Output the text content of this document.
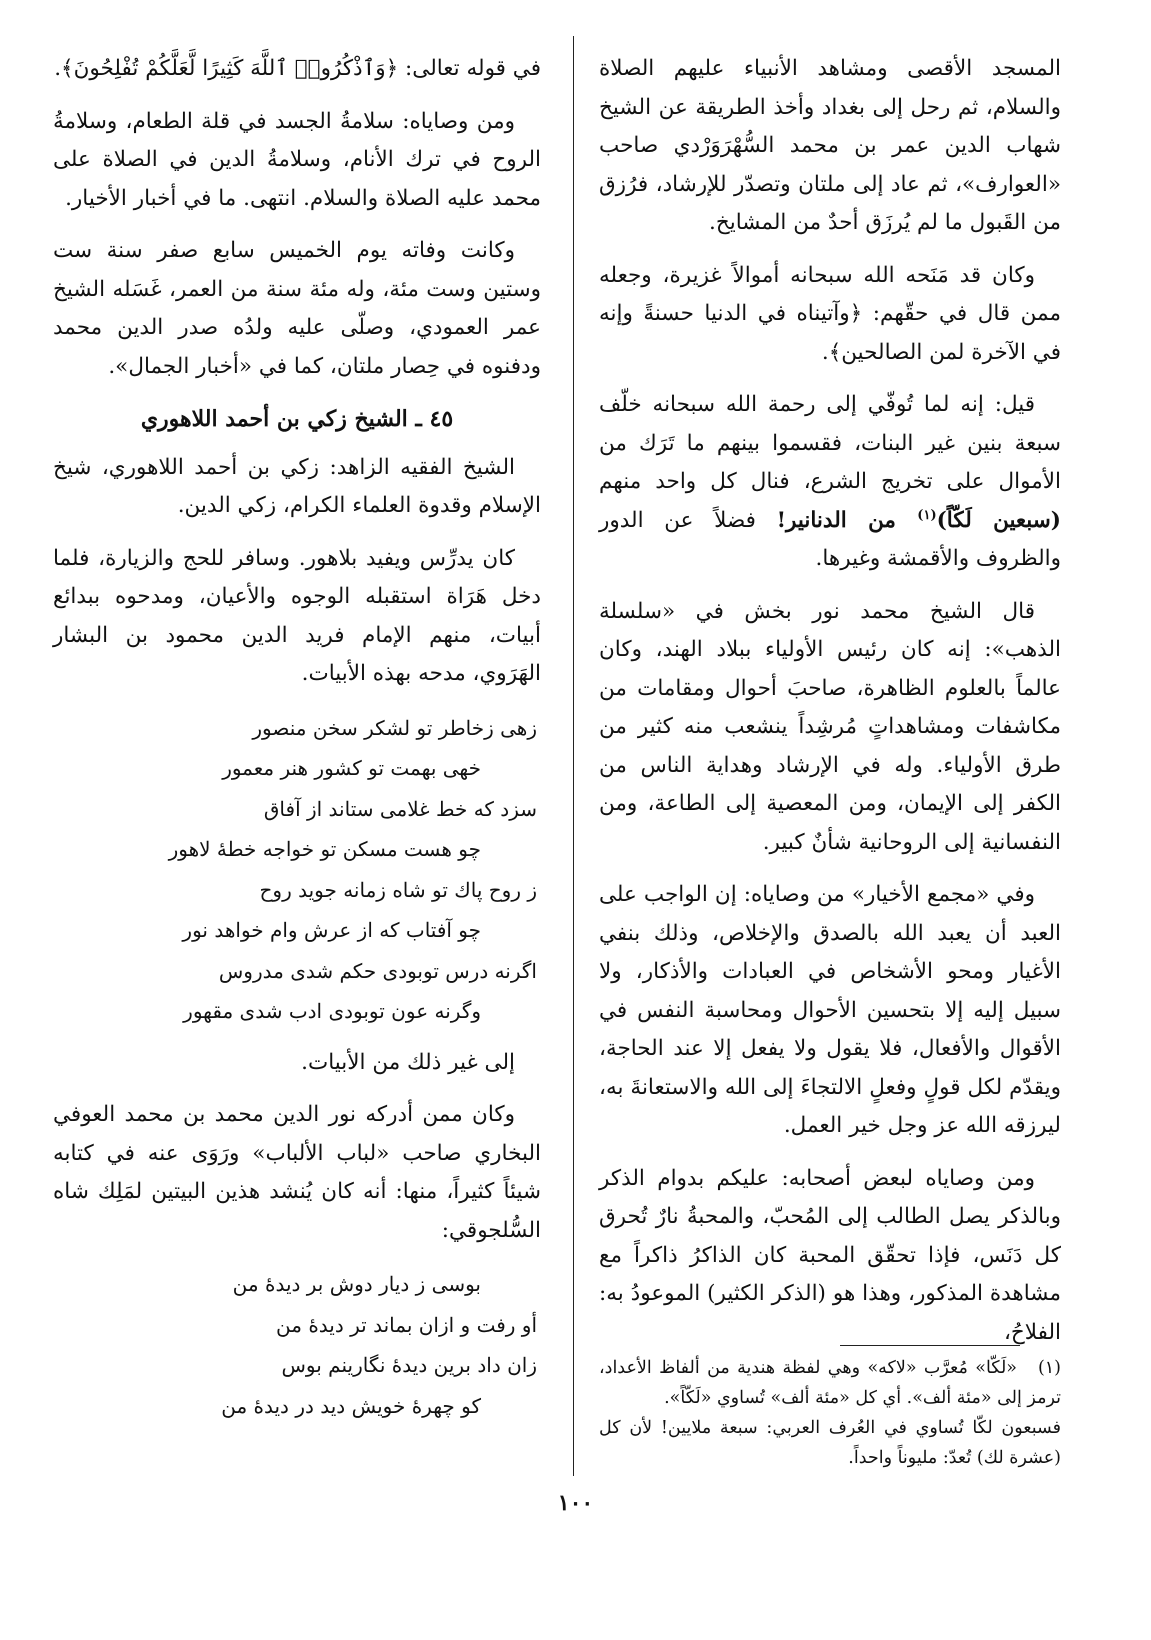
المسجد الأقصى ومشاهد الأنبياء عليهم الصلاة والسلام، ثم رحل إلى بغداد وأخذ الطريقة عن الشيخ شهاب الدين عمر بن محمد السُّهْرَوَرْدي صاحب «العوارف»، ثم عاد إلى ملتان وتصدّر للإرشاد، فرُزق من القَبول ما لم يُرزَق أحدٌ من المشايخ.

وكان قد مَنَحه الله سبحانه أموالاً غزيرة، وجعله ممن قال في حقّهم: ﴿وآتيناه في الدنيا حسنةً وإنه في الآخرة لمن الصالحين﴾.

قيل: إنه لما تُوفّي إلى رحمة الله سبحانه خلّف سبعة بنين غير البنات، فقسموا بينهم ما تَرَك من الأموال على تخريج الشرع، فنال كل واحد منهم (سبعين لَكّاً)$^{(١)}$ من الدنانير! فضلاً عن الدور والظروف والأقمشة وغيرها.

قال الشيخ محمد نور بخش في «سلسلة الذهب»: إنه كان رئيس الأولياء ببلاد الهند، وكان عالماً بالعلوم الظاهرة، صاحبَ أحوال ومقامات من مكاشفات ومشاهداتٍ مُرشِداً ينشعب منه كثير من طرق الأولياء. وله في الإرشاد وهداية الناس من الكفر إلى الإيمان، ومن المعصية إلى الطاعة، ومن النفسانية إلى الروحانية شأنٌ كبير.

وفي «مجمع الأخيار» من وصاياه: إن الواجب على العبد أن يعبد الله بالصدق والإخلاص، وذلك بنفي الأغيار ومحو الأشخاص في العبادات والأذكار، ولا سبيل إليه إلا بتحسين الأحوال ومحاسبة النفس في الأقوال والأفعال، فلا يقول ولا يفعل إلا عند الحاجة، ويقدّم لكل قولٍ وفعلٍ الالتجاءَ إلى الله والاستعانةَ به، ليرزقه الله عز وجل خير العمل.

ومن وصاياه لبعض أصحابه: عليكم بدوام الذكر وبالذكر يصل الطالب إلى المُحبّ، والمحبةُ نارٌ تُحرق كل دَنَس، فإذا تحقّق المحبة كان الذاكرُ ذاكراً مع مشاهدة المذكور، وهذا هو (الذكر الكثير) الموعودُ به: الفلاحُ،

في قوله تعالى: ﴿وَٱذْكُرُوا۟ ٱللَّهَ كَثِيرًا لَّعَلَّكُمْ تُفْلِحُونَ﴾.

ومن وصاياه: سلامةُ الجسد في قلة الطعام، وسلامةُ الروح في ترك الأنام، وسلامةُ الدين في الصلاة على محمد عليه الصلاة والسلام. انتهى. ما في أخبار الأخيار.

وكانت وفاته يوم الخميس سابع صفر سنة ست وستين وست مئة، وله مئة سنة من العمر، غَسَله الشيخ عمر العمودي، وصلّى عليه ولدُه صدر الدين محمد ودفنوه في حِصار ملتان، كما في «أخبار الجمال».

٤٥ ـ الشيخ زكي بن أحمد اللاهوري

الشيخ الفقيه الزاهد: زكي بن أحمد اللاهوري، شيخ الإسلام وقدوة العلماء الكرام، زكي الدين.

كان يدرِّس ويفيد بلاهور. وسافر للحج والزيارة، فلما دخل هَرَاة استقبله الوجوه والأعيان، ومدحوه ببدائع أبيات، منهم الإمام فريد الدين محمود بن البشار الهَرَوي، مدحه بهذه الأبيات.

زهى زخاطر تو لشكر سخن منصور
خهى بهمت تو كشور هنر معمور
سزد كه خط غلامى ستاند از آفاق
چو هست مسكن تو خواجه خطهٔ لاهور
ز روح پاك تو شاه زمانه جويد روح
چو آفتاب كه از عرش وام خواهد نور
اگرنه درس توبودى حكم شدى مدروس
وگرنه عون توبودى ادب شدى مقهور

إلى غير ذلك من الأبيات.

وكان ممن أدركه نور الدين محمد بن محمد العوفي البخاري صاحب «لباب الألباب» ورَوَى عنه في كتابه شيئاً كثيراً، منها: أنه كان يُنشد هذين البيتين لمَلِك شاه السُّلجوقي:

بوسى ز ديار دوش بر ديدهٔ من
أو رفت و ازان بماند تر ديدهٔ من
زان داد برين ديدهٔ نگارينم بوس
كو چهرهٔ خويش ديد در ديدهٔ من
(١)«لَكّا» مُعرَّب «لاكه» وهي لفظة هندية من ألفاظ الأعداد، ترمز إلى «مئة ألف». أي كل «مئة ألف» تُساوي «لَكّاً».
فسبعون لكّا تُساوي في العُرف العربي: سبعة ملايين! لأن كل (عشرة لك) تُعدّ: مليوناً واحداً.
١٠٠
